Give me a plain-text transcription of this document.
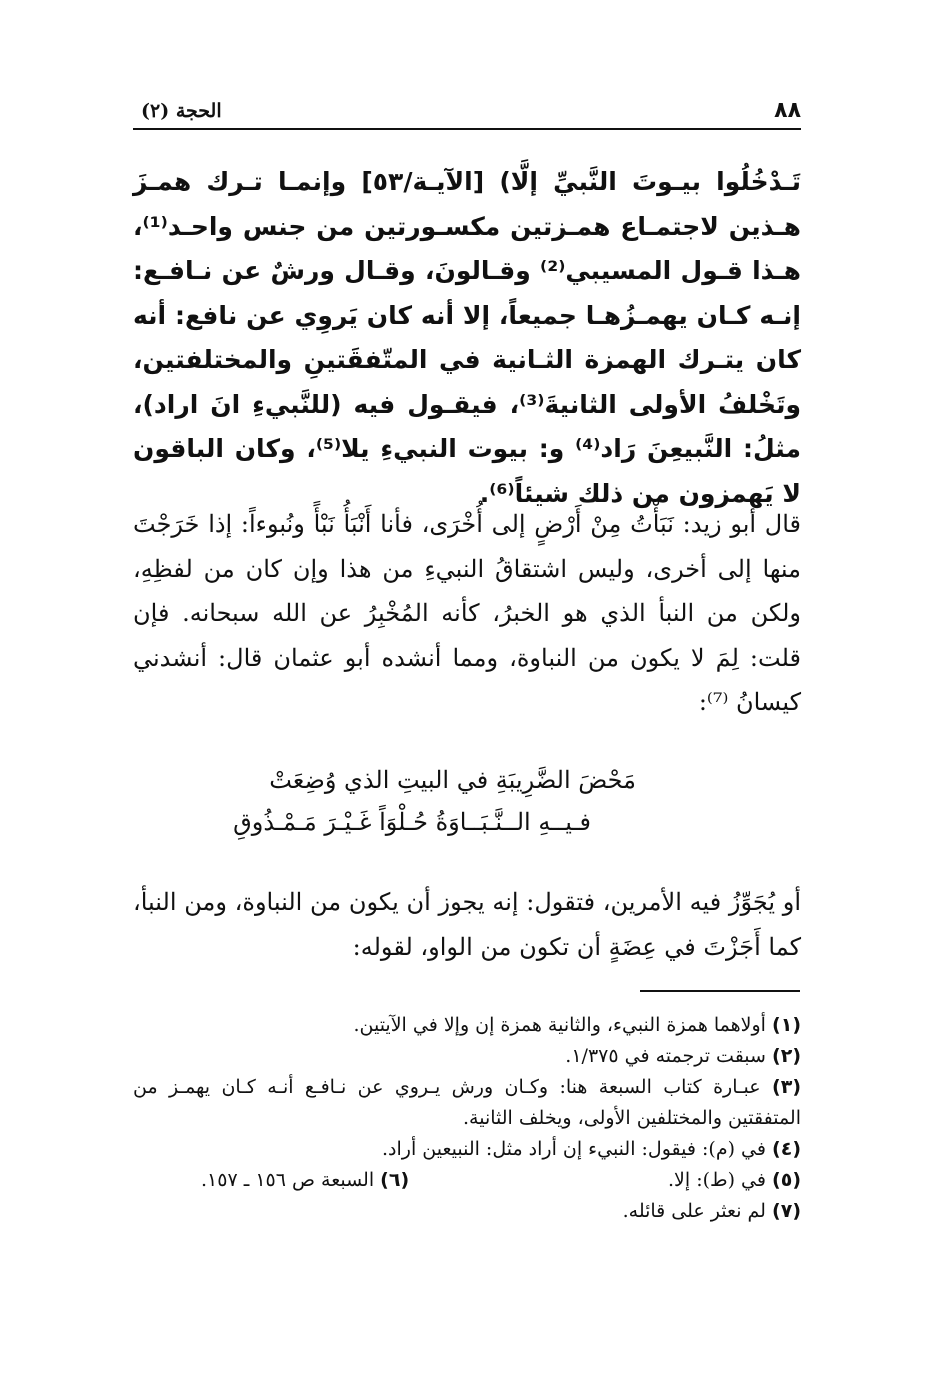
٨٨
الحجة (٢)

تَـدْخُلُوا بيـوتَ النَّبيِّ إلَّا) [الآيـة/٥٣] وإنمـا تـرك همـزَ هـذين لاجتمـاع همـزتين مكسـورتين من جنس واحـد⁽¹⁾، هـذا قـول المسيبي⁽²⁾ وقـالونَ، وقـال ورشٌ عن نـافـع: إنـه كـان يهمـزُهـا جميعاً، إلا أنه كان يَروِي عن نافع: أنه كان يتـرك الهمزة الثـانية في المتّفقَتينِ والمختلفتين، وتَخْلفُ الأولى الثانيةَ⁽³⁾، فيقـول فيه (للنَّبيءِ انَ اراد)، مثلُ: النَّبيعِنَ رَاد⁽⁴⁾ و: بيوت النبيءِ يلا⁽⁵⁾، وكان الباقون لا يَهمزون من ذلك شيئاً⁽⁶⁾.

قال أبو زيد: نَبَأْتُ مِنْ أَرْضٍ إلى أُخْرَى، فأنا أَنْبَأُ نَبْأً ونُبوءاً: إذا خَرَجْتَ منها إلى أخرى، وليس اشتقاقُ النبيءِ من هذا وإن كان من لفظِهِ، ولكن من النبأ الذي هو الخبرُ، كأنه المُخْبِرُ عن الله سبحانه. فإن قلت: لِمَ لا يكون من النباوة، ومما أنشده أبو عثمان قال: أنشدني كيسانُ ⁽⁷⁾:

مَحْضَ الضَّرِيبَةِ في البيتِ الذي وُضِعَتْ
فـيــهِ الــنَّـبَــاوَةُ حُـلْوَاً غَـيْـرَ مَـمْـذُوقِ

أو يُجَوِّزُ فيه الأمرين، فتقول: إنه يجوز أن يكون من النباوة، ومن النبأ، كما أَجَزْتَ في عِضَةٍ أن تكون من الواو، لقوله:

(١) أولاهما همزة النبيء، والثانية همزة إن وإلا في الآيتين.

(٢) سبقت ترجمته في ١/٣٧٥.

(٣) عبـارة كتاب السبعة هنا: وكـان ورش يـروي عن نـافـع أنـه كـان يهمـز من المتفقتين والمختلفين الأولى، ويخلف الثانية.

(٤) في (م): فيقول: النبيء إن أراد مثل: النبيعين أراد.

(٥) في (ط): إلا.
(٦) السبعة ص ١٥٦ ـ ١٥٧.

(٧) لم نعثر على قائله.
